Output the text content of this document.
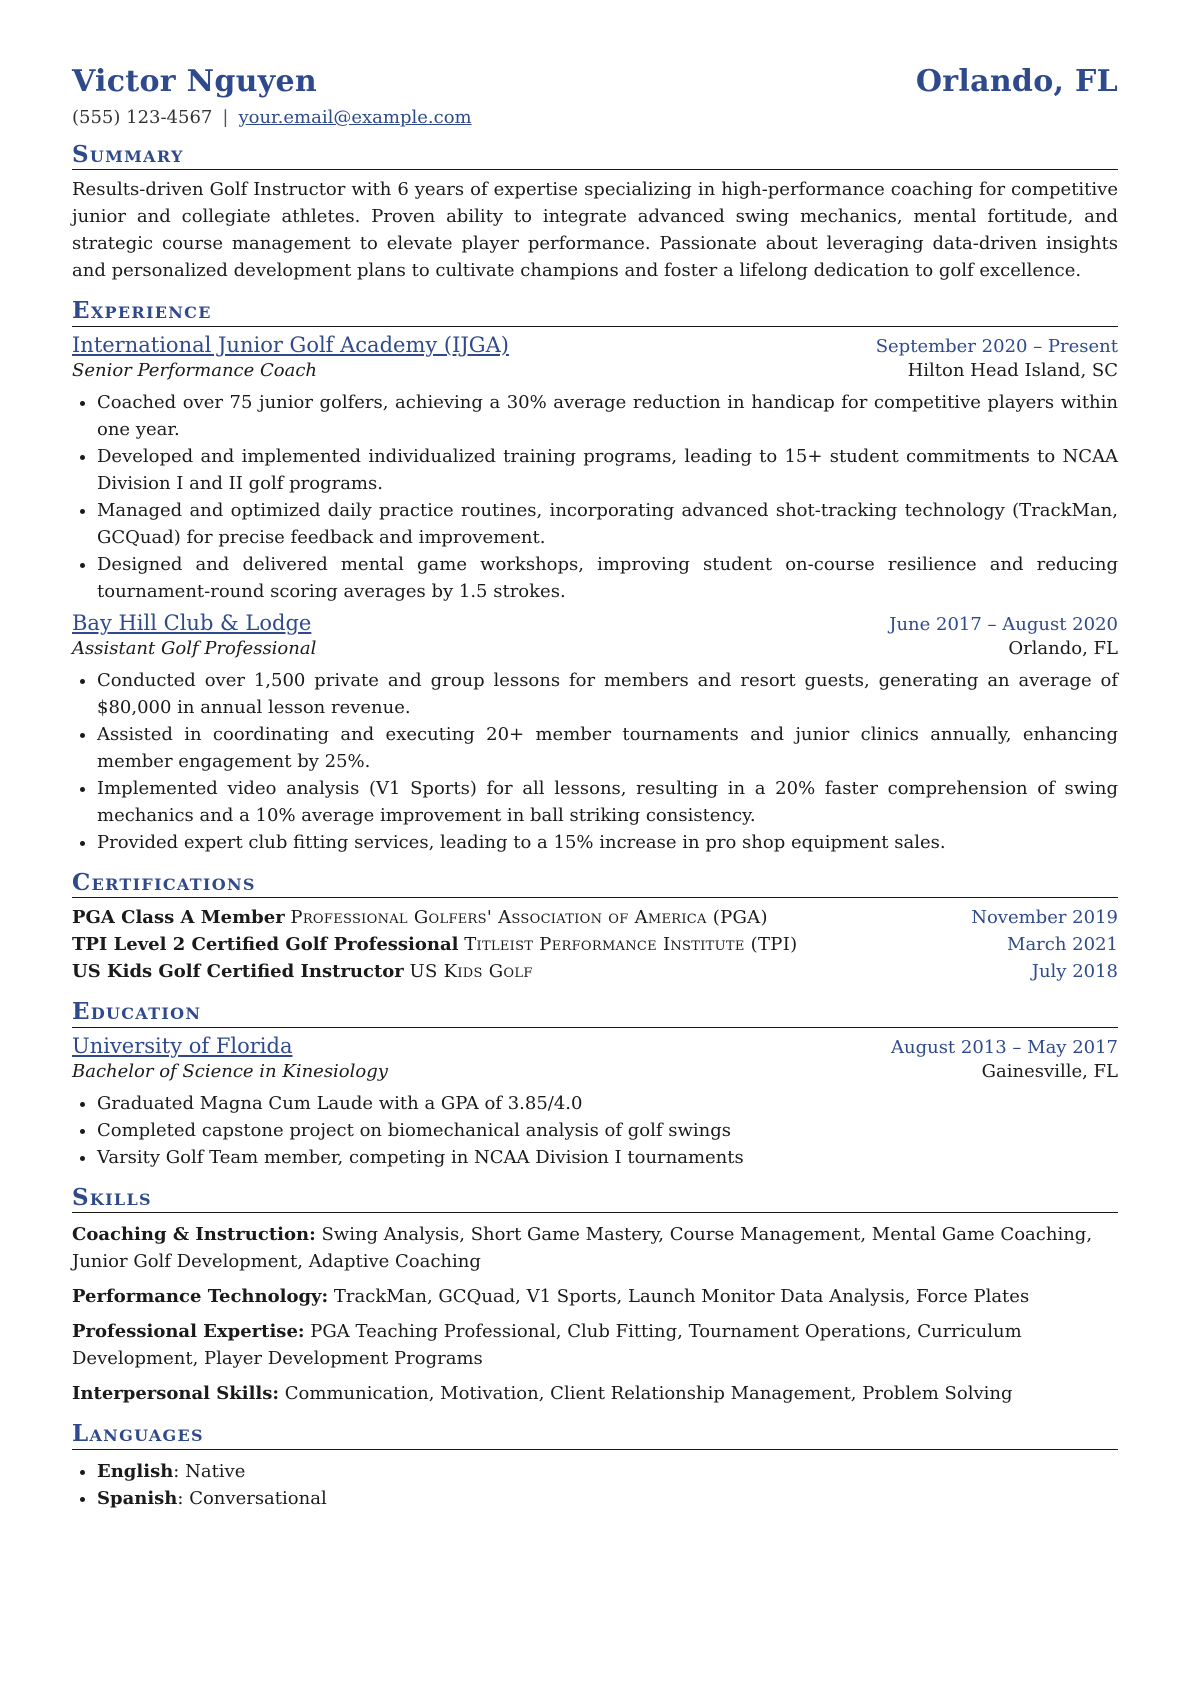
Victor Nguyen	Orlando, FL
(555) 123-4567 | your.email@example.com
Summary
Results-driven Golf Instructor with 6 years of expertise specializing in high-performance coaching for competitive junior and collegiate athletes. Proven ability to integrate advanced swing mechanics, mental fortitude, and strategic course management to elevate player performance. Passionate about leveraging data-driven insights and personalized development plans to cultivate champions and foster a lifelong dedication to golf excellence.
Experience
International Junior Golf Academy (IJGA)	September 2020 – Present
Senior Performance Coach	Hilton Head Island, SC
• Coached over 75 junior golfers, achieving a 30% average reduction in handicap for competitive players within one year.
• Developed and implemented individualized training programs, leading to 15+ student commitments to NCAA Division I and II golf programs.
• Managed and optimized daily practice routines, incorporating advanced shot-tracking technology (TrackMan, GCQuad) for precise feedback and improvement.
• Designed and delivered mental game workshops, improving student on-course resilience and reducing tournament-round scoring averages by 1.5 strokes.
Bay Hill Club & Lodge	June 2017 – August 2020
Assistant Golf Professional	Orlando, FL
• Conducted over 1,500 private and group lessons for members and resort guests, generating an average of $80,000 in annual lesson revenue.
• Assisted in coordinating and executing 20+ member tournaments and junior clinics annually, enhancing member engagement by 25%.
• Implemented video analysis (V1 Sports) for all lessons, resulting in a 20% faster comprehension of swing mechanics and a 10% average improvement in ball striking consistency.
• Provided expert club fitting services, leading to a 15% increase in pro shop equipment sales.
Certifications
PGA Class A Member Professional Golfers' Association of America (PGA)	November 2019
TPI Level 2 Certified Golf Professional Titleist Performance Institute (TPI)	March 2021
US Kids Golf Certified Instructor US Kids Golf	July 2018
Education
University of Florida	August 2013 – May 2017
Bachelor of Science in Kinesiology	Gainesville, FL
• Graduated Magna Cum Laude with a GPA of 3.85/4.0
• Completed capstone project on biomechanical analysis of golf swings
• Varsity Golf Team member, competing in NCAA Division I tournaments
Skills
Coaching & Instruction: Swing Analysis, Short Game Mastery, Course Management, Mental Game Coaching, Junior Golf Development, Adaptive Coaching
Performance Technology: TrackMan, GCQuad, V1 Sports, Launch Monitor Data Analysis, Force Plates
Professional Expertise: PGA Teaching Professional, Club Fitting, Tournament Operations, Curriculum Development, Player Development Programs
Interpersonal Skills: Communication, Motivation, Client Relationship Management, Problem Solving
Languages
• English: Native
• Spanish: Conversational
